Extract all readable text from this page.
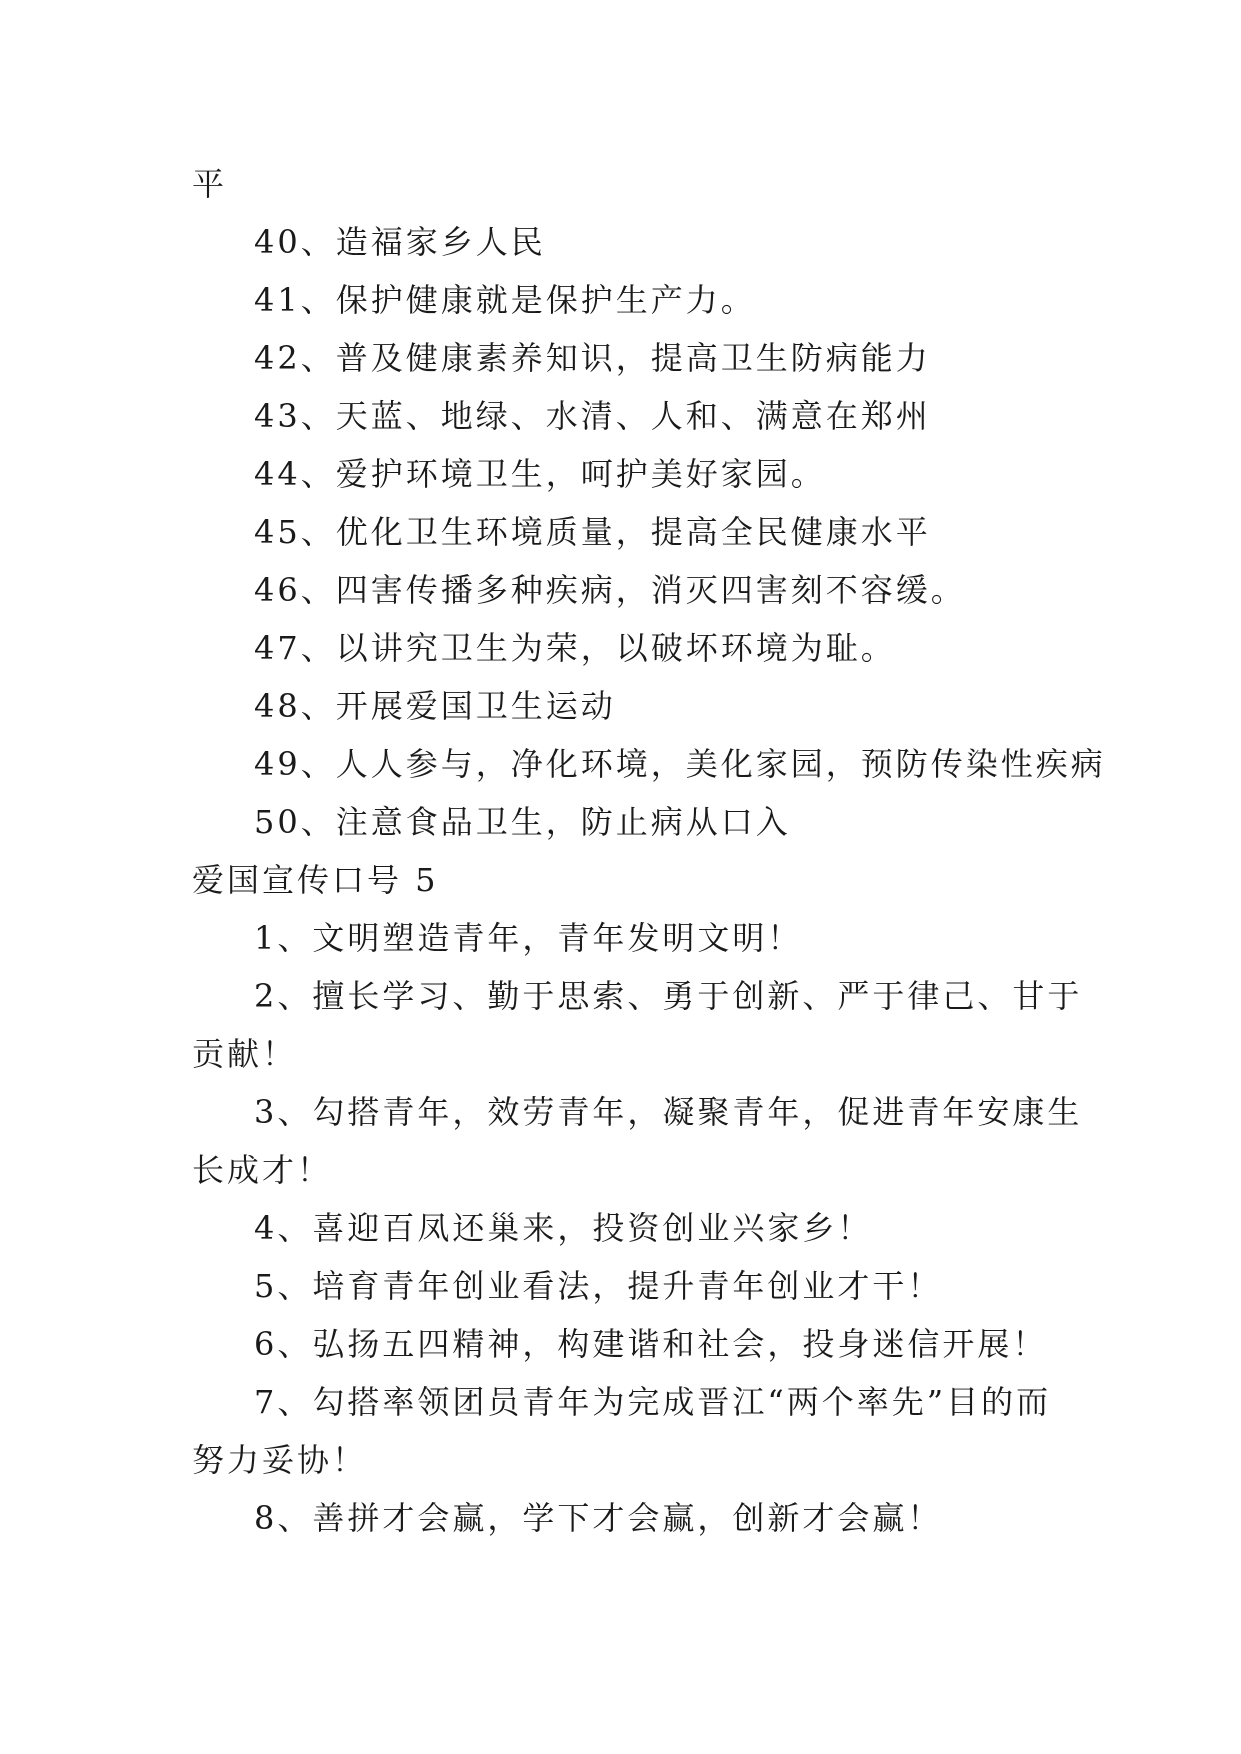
平
40、造福家乡人民
41、保护健康就是保护生产力。
42、普及健康素养知识，提高卫生防病能力
43、天蓝、地绿、水清、人和、满意在郑州
44、爱护环境卫生，呵护美好家园。
45、优化卫生环境质量，提高全民健康水平
46、四害传播多种疾病，消灭四害刻不容缓。
47、以讲究卫生为荣，以破坏环境为耻。
48、开展爱国卫生运动
49、人人参与，净化环境，美化家园，预防传染性疾病
50、注意食品卫生，防止病从口入
爱国宣传口号 5
1、文明塑造青年，青年发明文明！
2、擅长学习、勤于思索、勇于创新、严于律己、甘于
贡献！
3、勾搭青年，效劳青年，凝聚青年，促进青年安康生
长成才！
4、喜迎百凤还巢来，投资创业兴家乡！
5、培育青年创业看法，提升青年创业才干！
6、弘扬五四精神，构建谐和社会，投身迷信开展！
7、勾搭率领团员青年为完成晋江“两个率先”目的而
努力妥协！
8、善拼才会赢，学下才会赢，创新才会赢！
